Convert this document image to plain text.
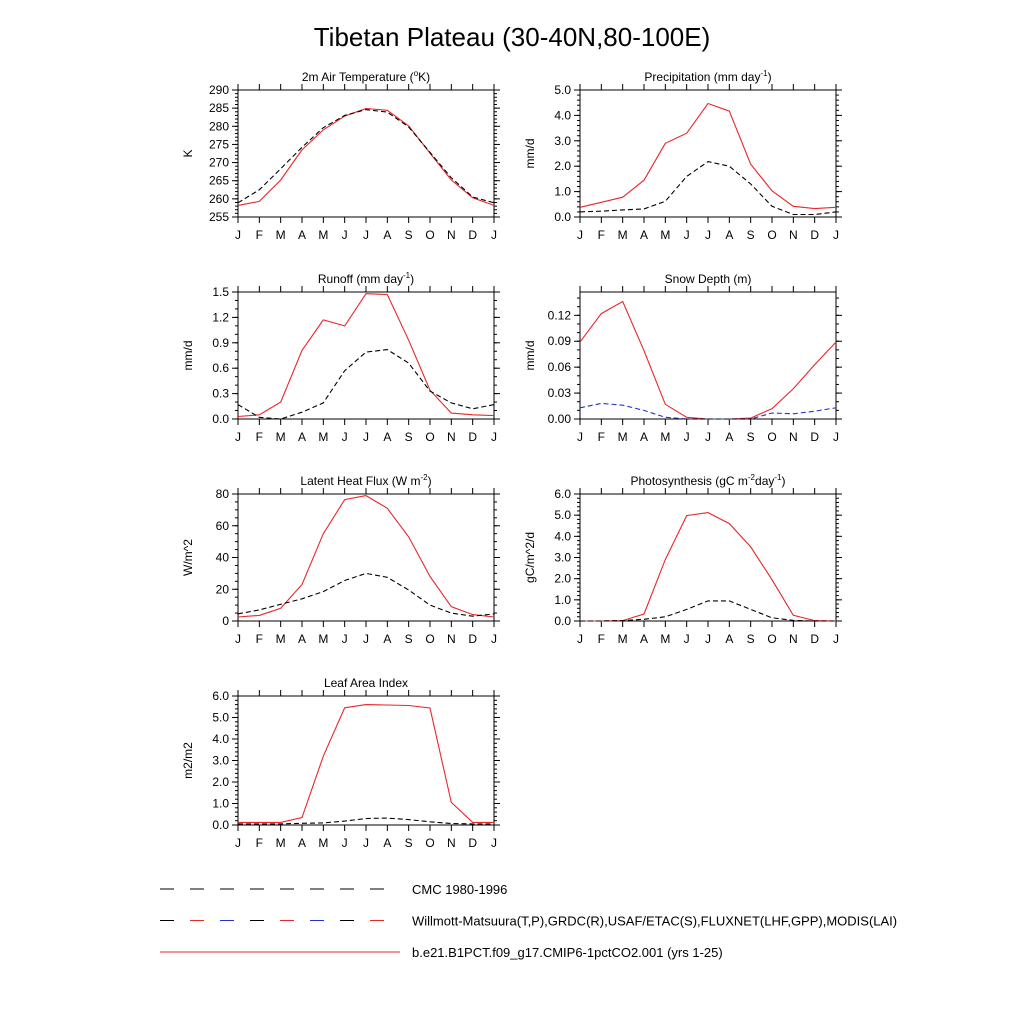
Tibetan Plateau (30-40N,80-100E)
2m Air Temperature ($^o$K)
K
255
260
265
270
275
280
285
290
J F M A M J J A S O N D J
Precipitation (mm day$^{-1}$)
mm/d
0.0
1.0
2.0
3.0
4.0
5.0
J F M A M J J A S O N D J
Runoff (mm day$^{-1}$)
mm/d
0.0
0.3
0.6
0.9
1.2
1.5
J F M A M J J A S O N D J
Snow Depth (m)
mm/d
0.00
0.03
0.06
0.09
0.12
J F M A M J J A S O N D J
Latent Heat Flux (W $m^{-2}$)
W/m^2
0
20
40
60
80
J F M A M J J A S O N D J
Photosynthesis (gC $m^{-2}day^{-1}$)
gC/m^2/d
0.0
1.0
2.0
3.0
4.0
5.0
6.0
J F M A M J J A S O N D J
Leaf Area Index
m2/m2
0.0
1.0
2.0
3.0
4.0
5.0
6.0
J F M A M J J A S O N D J
CMC 1980-1996
Willmott-Matsuura(T,P),GRDC(R),USAF/ETAC(S),FLUXNET(LHF,GPP),MODIS(LAI)
b.e21.B1PCT.f09_g17.CMIP6-1pctCO2.001 (yrs 1-25)
